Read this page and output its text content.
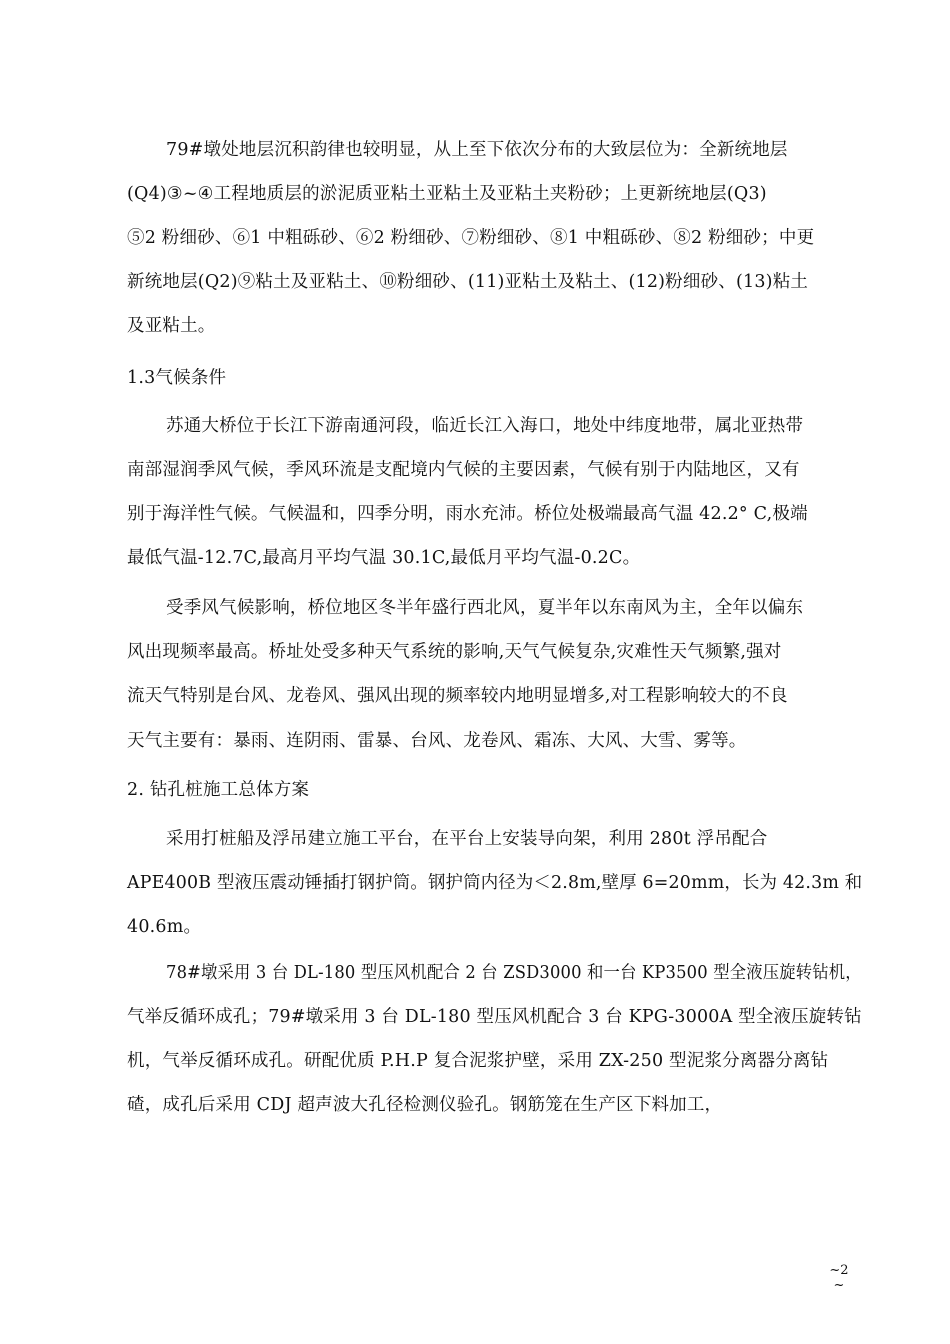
79#墩处地层沉积韵律也较明显，从上至下依次分布的大致层位为：全新统地层
(Q4)③~④工程地质层的淤泥质亚粘土亚粘土及亚粘土夹粉砂；上更新统地层(Q3)
⑤2 粉细砂、⑥1 中粗砾砂、⑥2 粉细砂、⑦粉细砂、⑧1 中粗砾砂、⑧2 粉细砂；中更
新统地层(Q2)⑨粘土及亚粘土、⑩粉细砂、(11)亚粘土及粘土、(12)粉细砂、(13)粘土
及亚粘土。
1.3气候条件
苏通大桥位于长江下游南通河段，临近长江入海口，地处中纬度地带，属北亚热带
南部湿润季风气候，季风环流是支配境内气候的主要因素，气候有别于内陆地区，又有
别于海洋性气候。气候温和，四季分明，雨水充沛。桥位处极端最高气温 42.2° C,极端
最低气温-12.7C,最高月平均气温 30.1C,最低月平均气温-0.2C。
受季风气候影响，桥位地区冬半年盛行西北风，夏半年以东南风为主，全年以偏东
风出现频率最高。桥址处受多种天气系统的影响,天气气候复杂,灾难性天气频繁,强对
流天气特别是台风、龙卷风、强风出现的频率较内地明显增多,对工程影响较大的不良
天气主要有：暴雨、连阴雨、雷暴、台风、龙卷风、霜冻、大风、大雪、雾等。
2. 钻孔桩施工总体方案
采用打桩船及浮吊建立施工平台，在平台上安装导向架，利用 280t 浮吊配合
APE400B 型液压震动锤插打钢护筒。钢护筒内径为＜2.8m,壁厚 6=20mm，长为 42.3m 和
40.6m。
78#墩采用 3 台 DL-180 型压风机配合 2 台 ZSD3000 和一台 KP3500 型全液压旋转钻机，
气举反循环成孔；79#墩采用 3 台 DL-180 型压风机配合 3 台 KPG-3000A 型全液压旋转钻
机，气举反循环成孔。研配优质 P.H.P 复合泥浆护壁，采用 ZX-250 型泥浆分离器分离钻
碴，成孔后采用 CDJ 超声波大孔径检测仪验孔。钢筋笼在生产区下料加工，
~2
~
